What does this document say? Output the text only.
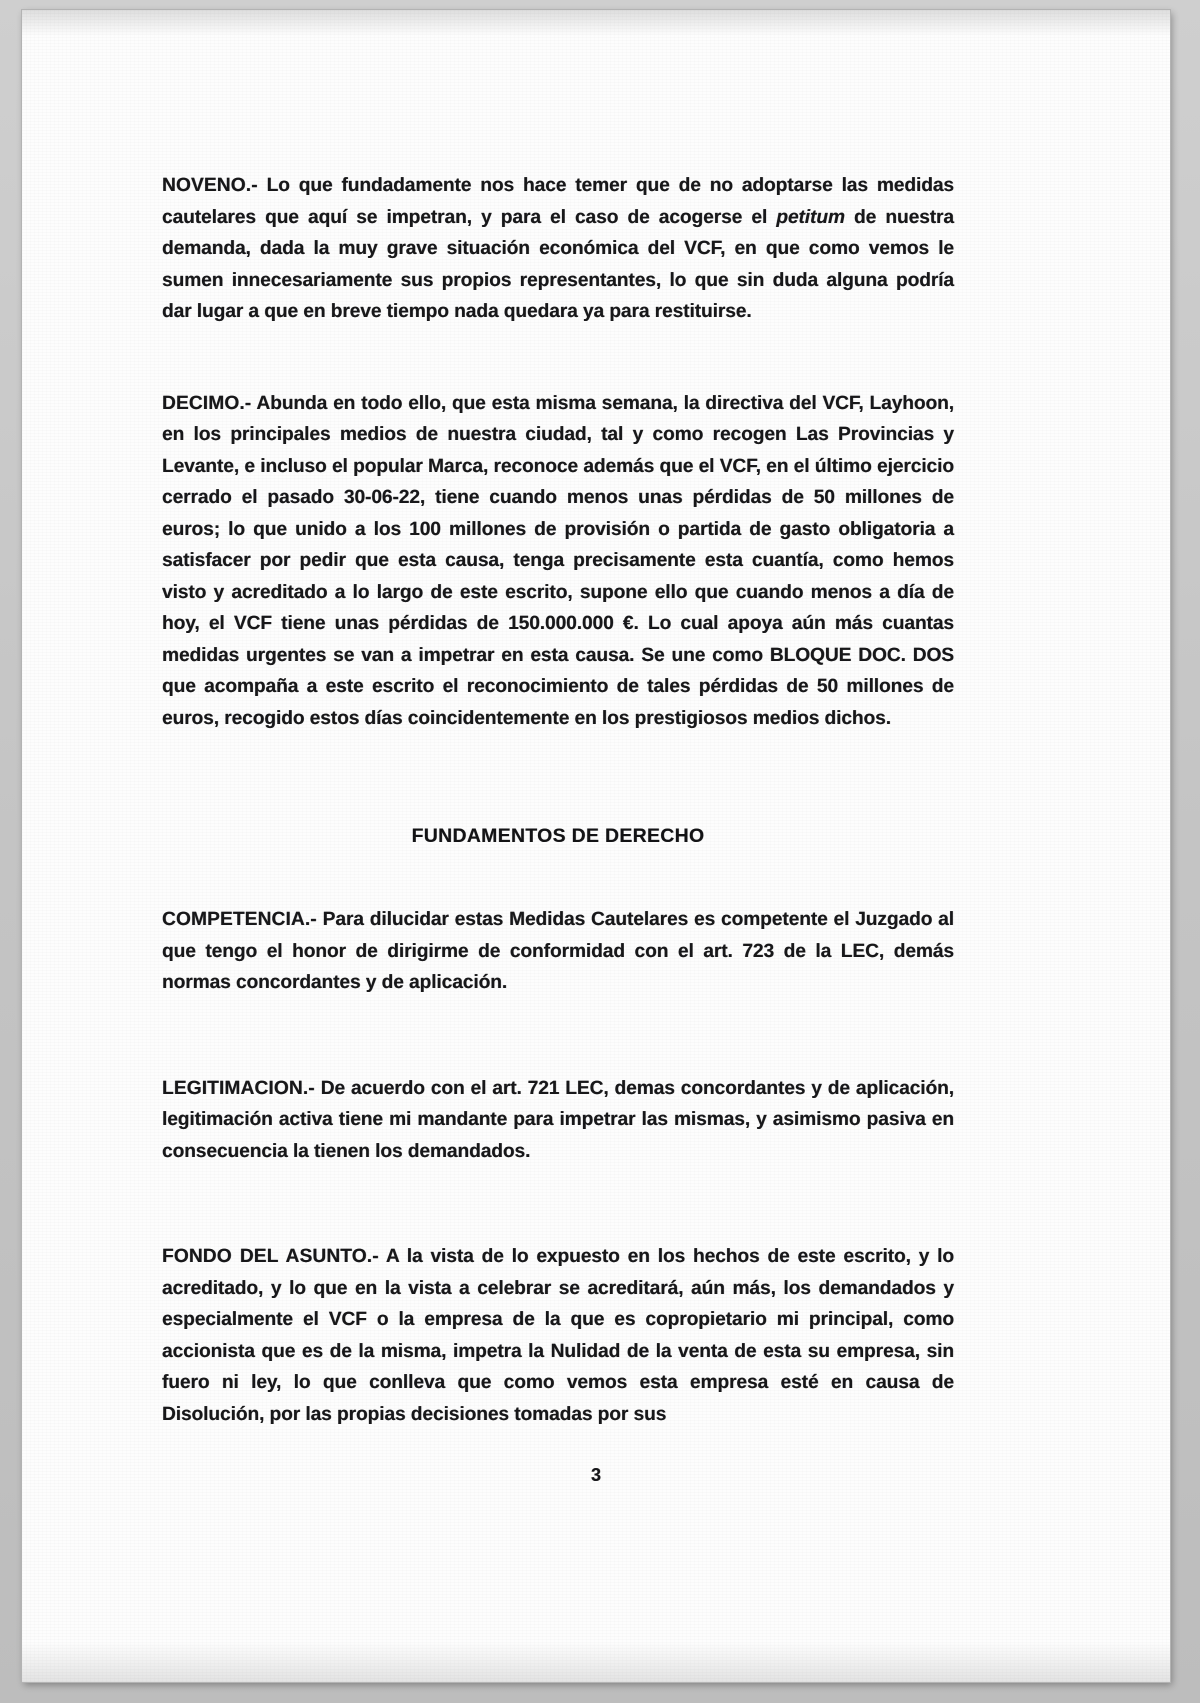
NOVENO.- Lo que fundadamente nos hace temer que de no adoptarse las medidas cautelares que aquí se impetran, y para el caso de acogerse el petitum de nuestra demanda, dada la muy grave situación económica del VCF, en que como vemos le sumen innecesariamente sus propios representantes, lo que sin duda alguna podría dar lugar a que en breve tiempo nada quedara ya para restituirse.

DECIMO.- Abunda en todo ello, que esta misma semana, la directiva del VCF, Layhoon, en los principales medios de nuestra ciudad, tal y como recogen Las Provincias y Levante, e incluso el popular Marca, reconoce además que el VCF, en el último ejercicio cerrado el pasado 30-06-22, tiene cuando menos unas pérdidas de 50 millones de euros; lo que unido a los 100 millones de provisión o partida de gasto obligatoria a satisfacer por pedir que esta causa, tenga precisamente esta cuantía, como hemos visto y acreditado a lo largo de este escrito, supone ello que cuando menos a día de hoy, el VCF tiene unas pérdidas de 150.000.000 €. Lo cual apoya aún más cuantas medidas urgentes se van a impetrar en esta causa. Se une como BLOQUE DOC. DOS que acompaña a este escrito el reconocimiento de tales pérdidas de 50 millones de euros, recogido estos días coincidentemente en los prestigiosos medios dichos.

FUNDAMENTOS DE DERECHO

COMPETENCIA.- Para dilucidar estas Medidas Cautelares es competente el Juzgado al que tengo el honor de dirigirme de conformidad con el art. 723 de la LEC, demás normas concordantes y de aplicación.

LEGITIMACION.- De acuerdo con el art. 721 LEC, demas concordantes y de aplicación, legitimación activa tiene mi mandante para impetrar las mismas, y asimismo pasiva en consecuencia la tienen los demandados.

FONDO DEL ASUNTO.- A la vista de lo expuesto en los hechos de este escrito, y lo acreditado, y lo que en la vista a celebrar se acreditará, aún más, los demandados y especialmente el VCF o la empresa de la que es copropietario mi principal, como accionista que es de la misma, impetra la Nulidad de la venta de esta su empresa, sin fuero ni ley, lo que conlleva que como vemos esta empresa esté en causa de Disolución, por las propias decisiones tomadas por sus

3
